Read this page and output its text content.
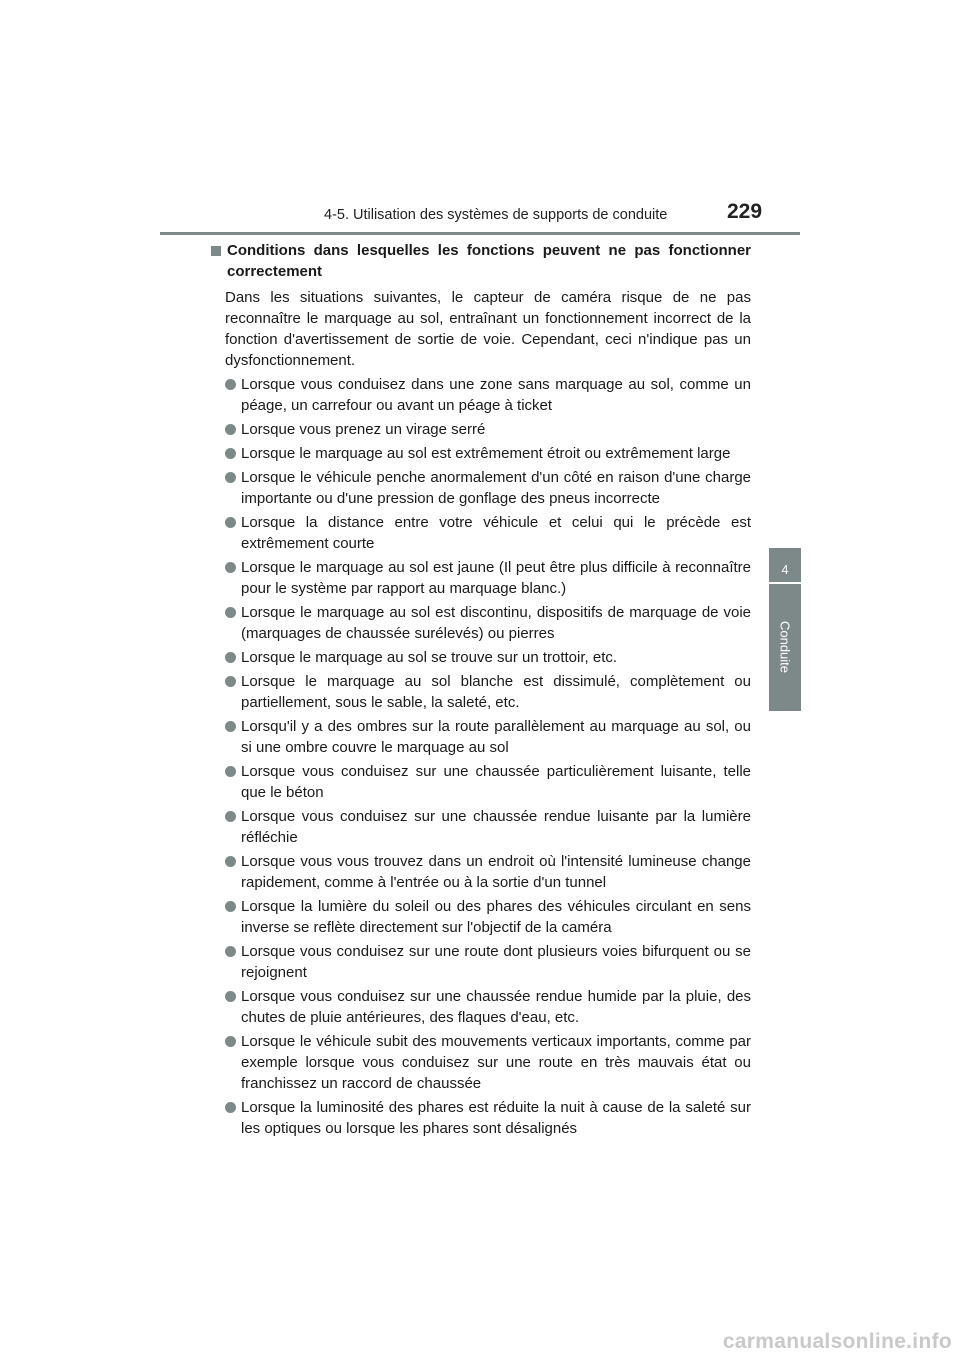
4-5. Utilisation des systèmes de supports de conduite	229
4
Conduite
Conditions dans lesquelles les fonctions peuvent ne pas fonctionner correctement

Dans les situations suivantes, le capteur de caméra risque de ne pas reconnaître le marquage au sol, entraînant un fonctionnement incorrect de la fonction d'avertissement de sortie de voie. Cependant, ceci n'indique pas un dysfonctionnement.

Lorsque vous conduisez dans une zone sans marquage au sol, comme un péage, un carrefour ou avant un péage à ticket
Lorsque vous prenez un virage serré
Lorsque le marquage au sol est extrêmement étroit ou extrêmement large
Lorsque le véhicule penche anormalement d'un côté en raison d'une charge importante ou d'une pression de gonflage des pneus incorrecte
Lorsque la distance entre votre véhicule et celui qui le précède est extrêmement courte
Lorsque le marquage au sol est jaune (Il peut être plus difficile à reconnaître pour le système par rapport au marquage blanc.)
Lorsque le marquage au sol est discontinu, dispositifs de marquage de voie (marquages de chaussée surélevés) ou pierres
Lorsque le marquage au sol se trouve sur un trottoir, etc.
Lorsque le marquage au sol blanche est dissimulé, complètement ou partiellement, sous le sable, la saleté, etc.
Lorsqu'il y a des ombres sur la route parallèlement au marquage au sol, ou si une ombre couvre le marquage au sol
Lorsque vous conduisez sur une chaussée particulièrement luisante, telle que le béton
Lorsque vous conduisez sur une chaussée rendue luisante par la lumière réfléchie
Lorsque vous vous trouvez dans un endroit où l'intensité lumineuse change rapidement, comme à l'entrée ou à la sortie d'un tunnel
Lorsque la lumière du soleil ou des phares des véhicules circulant en sens inverse se reflète directement sur l'objectif de la caméra
Lorsque vous conduisez sur une route dont plusieurs voies bifurquent ou se rejoignent
Lorsque vous conduisez sur une chaussée rendue humide par la pluie, des chutes de pluie antérieures, des flaques d'eau, etc.
Lorsque le véhicule subit des mouvements verticaux importants, comme par exemple lorsque vous conduisez sur une route en très mauvais état ou franchissez un raccord de chaussée
Lorsque la luminosité des phares est réduite la nuit à cause de la saleté sur les optiques ou lorsque les phares sont désalignés
carmanualsonline.info
